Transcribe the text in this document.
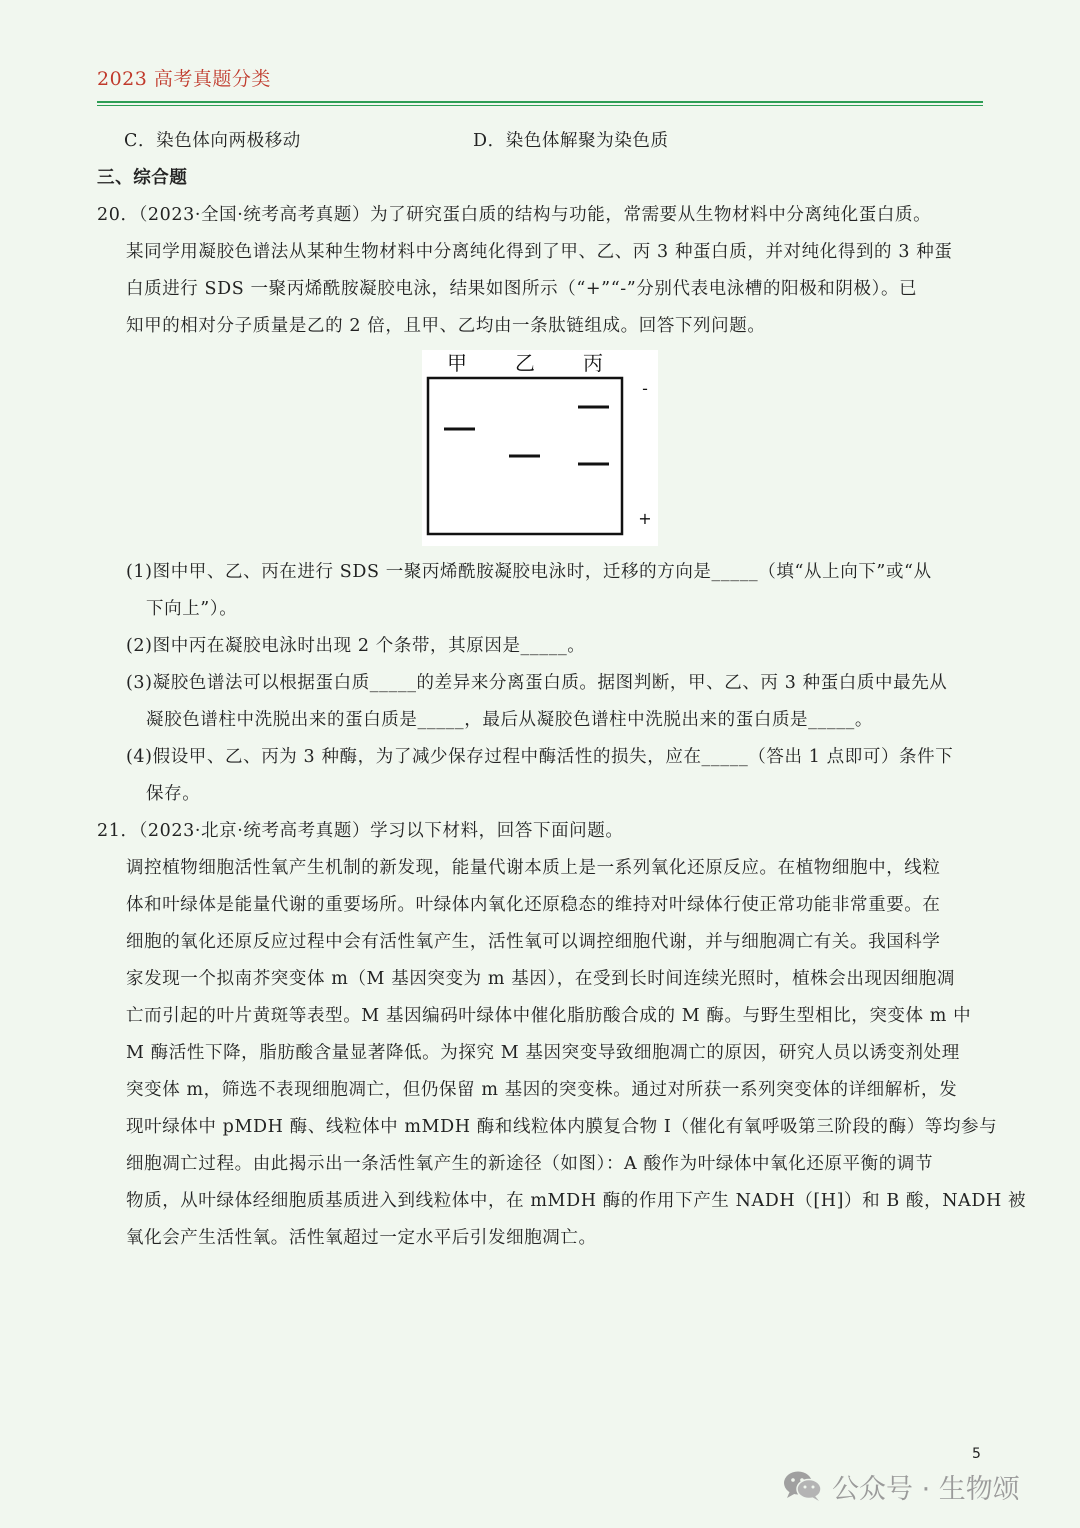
2023 高考真题分类
C．染色体向两极移动	D．染色体解聚为染色质
三、综合题
20．（2023·全国·统考高考真题）为了研究蛋白质的结构与功能，常需要从生物材料中分离纯化蛋白质。
某同学用凝胶色谱法从某种生物材料中分离纯化得到了甲、乙、丙 3 种蛋白质，并对纯化得到的 3 种蛋
白质进行 SDS 一聚丙烯酰胺凝胶电泳，结果如图所示（“+”“-”分别代表电泳槽的阳极和阴极）。已
知甲的相对分子质量是乙的 2 倍，且甲、乙均由一条肽链组成。回答下列问题。
甲 乙 丙
-
+
(1)图中甲、乙、丙在进行 SDS 一聚丙烯酰胺凝胶电泳时，迁移的方向是_____（填“从上向下”或“从
下向上”）。
(2)图中丙在凝胶电泳时出现 2 个条带，其原因是_____。
(3)凝胶色谱法可以根据蛋白质_____的差异来分离蛋白质。据图判断，甲、乙、丙 3 种蛋白质中最先从
凝胶色谱柱中洗脱出来的蛋白质是_____，最后从凝胶色谱柱中洗脱出来的蛋白质是_____。
(4)假设甲、乙、丙为 3 种酶，为了减少保存过程中酶活性的损失，应在_____（答出 1 点即可）条件下
保存。
21．（2023·北京·统考高考真题）学习以下材料，回答下面问题。
调控植物细胞活性氧产生机制的新发现，能量代谢本质上是一系列氧化还原反应。在植物细胞中，线粒
体和叶绿体是能量代谢的重要场所。叶绿体内氧化还原稳态的维持对叶绿体行使正常功能非常重要。在
细胞的氧化还原反应过程中会有活性氧产生，活性氧可以调控细胞代谢，并与细胞凋亡有关。我国科学
家发现一个拟南芥突变体 m（M 基因突变为 m 基因），在受到长时间连续光照时，植株会出现因细胞凋
亡而引起的叶片黄斑等表型。M 基因编码叶绿体中催化脂肪酸合成的 M 酶。与野生型相比，突变体 m 中
M 酶活性下降，脂肪酸含量显著降低。为探究 M 基因突变导致细胞凋亡的原因，研究人员以诱变剂处理
突变体 m，筛选不表现细胞凋亡，但仍保留 m 基因的突变株。通过对所获一系列突变体的详细解析，发
现叶绿体中 pMDH 酶、线粒体中 mMDH 酶和线粒体内膜复合物 I（催化有氧呼吸第三阶段的酶）等均参与
细胞凋亡过程。由此揭示出一条活性氧产生的新途径（如图）：A 酸作为叶绿体中氧化还原平衡的调节
物质，从叶绿体经细胞质基质进入到线粒体中，在 mMDH 酶的作用下产生 NADH（[H]）和 B 酸，NADH 被
氧化会产生活性氧。活性氧超过一定水平后引发细胞凋亡。
5
公众号 · 生物颂
